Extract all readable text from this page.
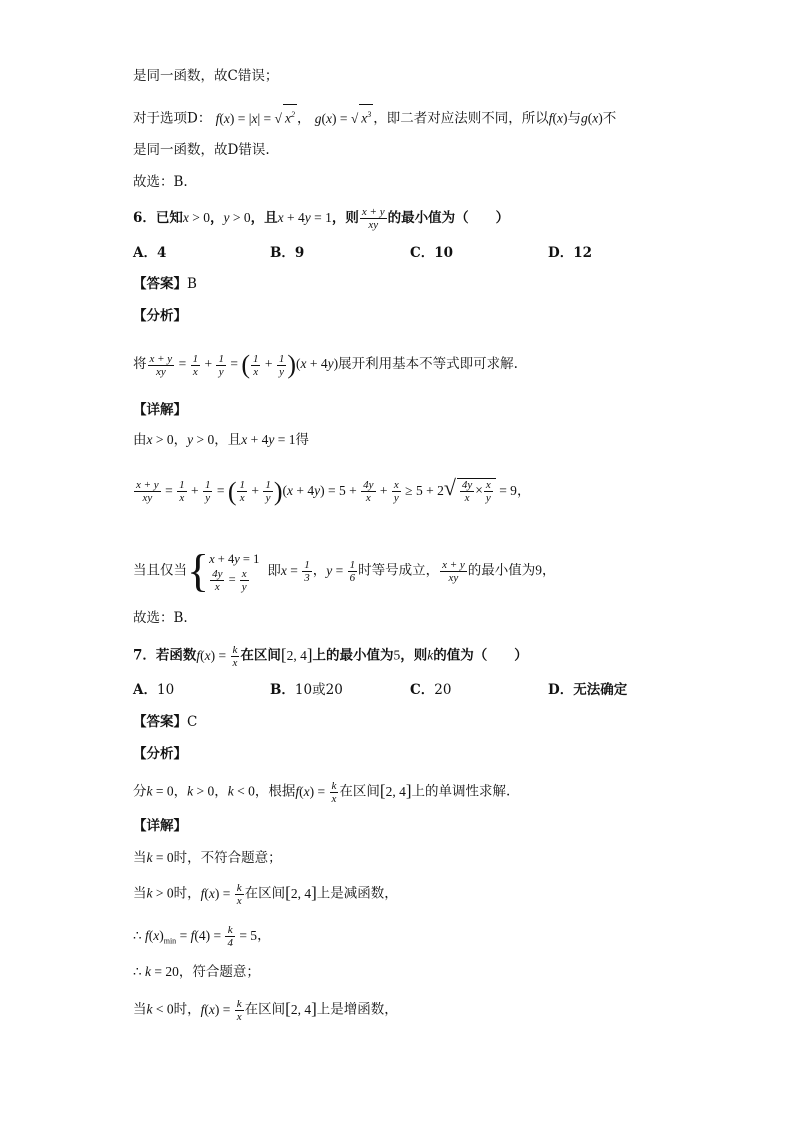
是同一函数，故C错误；
对于选项D： f(x) = |x| = √ $x^2$ ， g(x) = √ $x^3$ ，即二者对应法则不同，所以f(x)与g(x)不
是同一函数，故D错误.
故选：B.
6．已知x > 0，y > 0，且x + 4y = 1，则 $\frac{x + y}{xy}$ 的最小值为（　　）
A．4	B．9	C．10	D．12
【答案】B
【分析】
将 $\frac{x + y}{xy} = \frac{1}{x} + \frac{1}{y}$ = ( $\frac{1}{x} + \frac{1}{y} )(x + 4y)$展开利用基本不等式即可求解.
【详解】
由x > 0，y > 0，且x + 4y = 1得
$\frac{x + y}{xy} = \frac{1}{x} + \frac{1}{y}$ = ( $\frac{1}{x} + \frac{1}{y} )(x + 4y) = 5 + \frac{4y}{x} + \frac{x}{y} \ge 5 + 2√ \frac{4y}{x} \times \frac{x}{y} = 9$，
当且仅当{ x + 4y = 1
$\frac{4y}{x} = \frac{x}{y}$ 即$x = \frac{1}{3}$ ，$y = \frac{1}{6}$ 时等号成立， $\frac{x + y}{xy}$ 的最小值为9，
故选：B.
7．若函数$f(x) = \frac{k}{x}$ 在区间[2, 4]上的最小值为5，则k的值为（　　）
A．10	B．10或20	C．20	D．无法确定
【答案】C
【分析】
分k = 0，k > 0，k < 0，根据$f(x) = \frac{k}{x}$ 在区间[2, 4]上的单调性求解.
【详解】
当k = 0时，不符合题意；
当k > 0时，$f(x) = \frac{k}{x}$ 在区间[2, 4]上是减函数，
∴ $f(x)_{min} = f(4) = \frac{k}{4} = 5$，
∴ k = 20，符合题意；
当k < 0时，$f(x) = \frac{k}{x}$ 在区间[2, 4]上是增函数，
